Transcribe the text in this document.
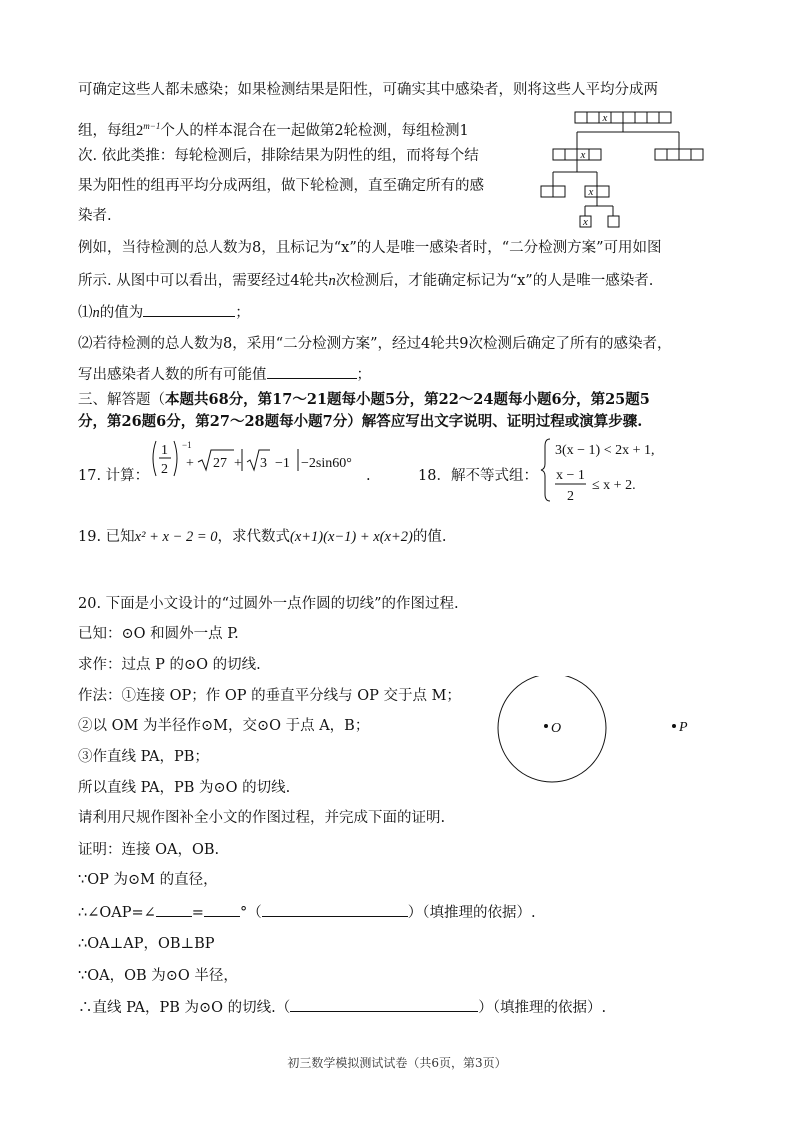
可确定这些人都未感染；如果检测结果是阳性，可确实其中感染者，则将这些人平均分成两
组，每组$2^{m-1}$个人的样本混合在一起做第2轮检测，每组检测1
次. 依此类推：每轮检测后，排除结果为阴性的组，而将每个结
果为阳性的组再平均分成两组，做下轮检测，直至确定所有的感
染者.
例如，当待检测的总人数为8，且标记为“x”的人是唯一感染者时，“二分检测方案”可用如图
所示. 从图中可以看出，需要经过4轮共n次检测后，才能确定标记为“x”的人是唯一感染者.
x
x
x
x
⑴n的值为	；
⑵若待检测的总人数为8，采用“二分检测方案”，经过4轮共9次检测后确定了所有的感染者，
写出感染者人数的所有可能值	；
三、解答题（本题共68分，第17～21题每小题5分，第22～24题每小题6分，第25题5
分，第26题6分，第27～28题每小题7分）解答应写出文字说明、证明过程或演算步骤.
17. 计算：
1
2
−1
+ 27 + 3 −1 −2sin60°
.	18．解不等式组：
3(x − 1) < 2x + 1,
x − 1
2
≤ x + 2.
19. 已知x² + x − 2 = 0，求代数式(x+1)(x−1) + x(x+2)的值.
20. 下面是小文设计的“过圆外一点作圆的切线”的作图过程.
已知：⊙O 和圆外一点 P.
求作：过点 P 的⊙O 的切线.
作法：①连接 OP；作 OP 的垂直平分线与 OP 交于点 M；
②以 OM 为半径作⊙M，交⊙O 于点 A，B；
③作直线 PA，PB；
所以直线 PA，PB 为⊙O 的切线.
请利用尺规作图补全小文的作图过程，并完成下面的证明.
证明：连接 OA，OB.
∵OP 为⊙M 的直径，
∴∠OAP=∠ = °（	）（填推理的依据）.
∴OA⊥AP，OB⊥BP
∵OA，OB 为⊙O 半径，
∴直线 PA，PB 为⊙O 的切线.（	）（填推理的依据）.
O	P
初三数学模拟测试试卷（共6页，第3页）
